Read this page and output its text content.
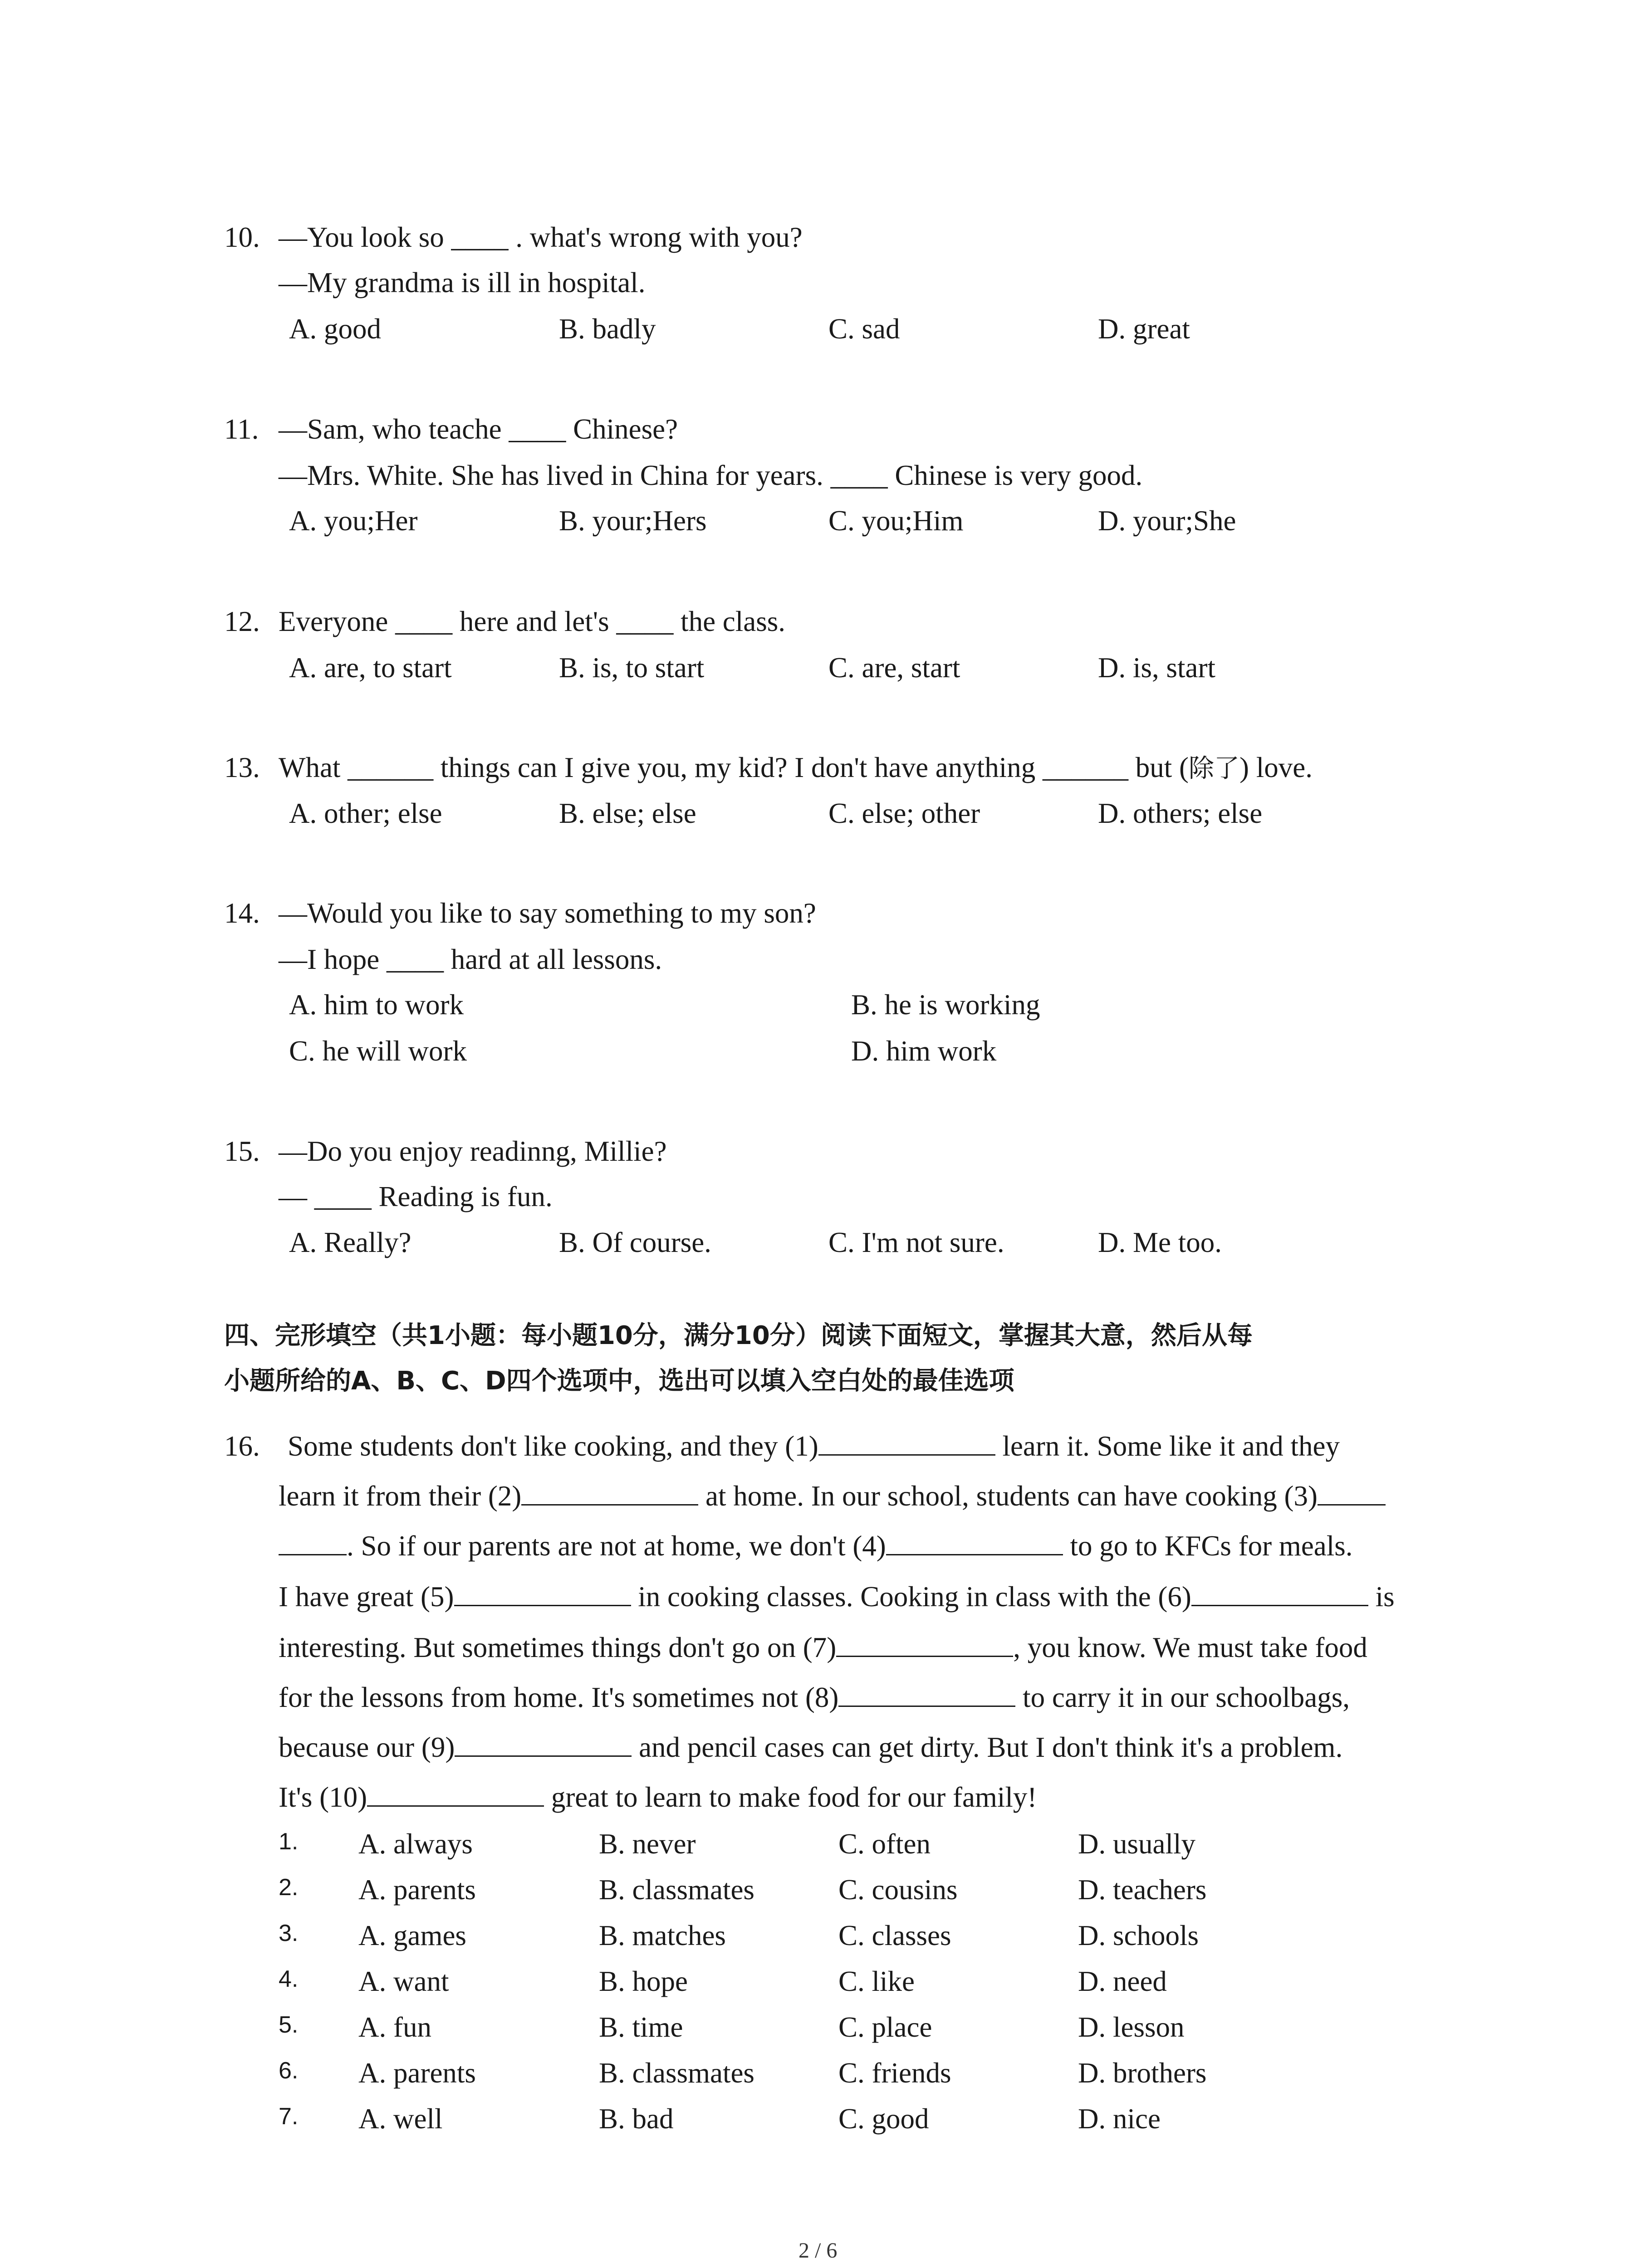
10. —You look so ____ . what's wrong with you?
—My grandma is ill in hospital.
A. good	B. badly	C. sad	D. great
11. —Sam, who teache ____ Chinese?
—Mrs. White. She has lived in China for years. ____ Chinese is very good.
A. you;Her	B. your;Hers	C. you;Him	D. your;She
12. Everyone ____ here and let's ____ the class.
A. are, to start	B. is, to start	C. are, start	D. is, start
13. What ______ things can I give you, my kid? I don't have anything ______ but (除了) love.
A. other; else	B. else; else	C. else; other	D. others; else
14. —Would you like to say something to my son?
—I hope ____ hard at all lessons.
A. him to work	B. he is working
C. he will work	D. him work
15. —Do you enjoy readinng, Millie?
— ____ Reading is fun.
A. Really?	B. Of course.	C. I'm not sure.	D. Me too.
四、完形填空（共1小题：每小题10分，满分10分）阅读下面短文，掌握其大意，然后从每
小题所给的A、B、C、D四个选项中，选出可以填入空白处的最佳选项
16. Some students don't like cooking, and they (1)	learn it. Some like it and they
learn it from their (2)	at home. In our school, students can have cooking (3)
. So if our parents are not at home, we don't (4)	to go to KFCs for meals.
I have great (5)	in cooking classes. Cooking in class with the (6)	is
interesting. But sometimes things don't go on (7)	, you know. We must take food
for the lessons from home. It's sometimes not (8)	to carry it in our schoolbags,
because our (9)	and pencil cases can get dirty. But I don't think it's a problem.
It's (10)	great to learn to make food for our family!
1. A. always	B. never	C. often	D. usually
2. A. parents	B. classmates	C. cousins	D. teachers
3. A. games	B. matches	C. classes	D. schools
4. A. want	B. hope	C. like	D. need
5. A. fun	B. time	C. place	D. lesson
6. A. parents	B. classmates	C. friends	D. brothers
7. A. well	B. bad	C. good	D. nice
2 / 6
